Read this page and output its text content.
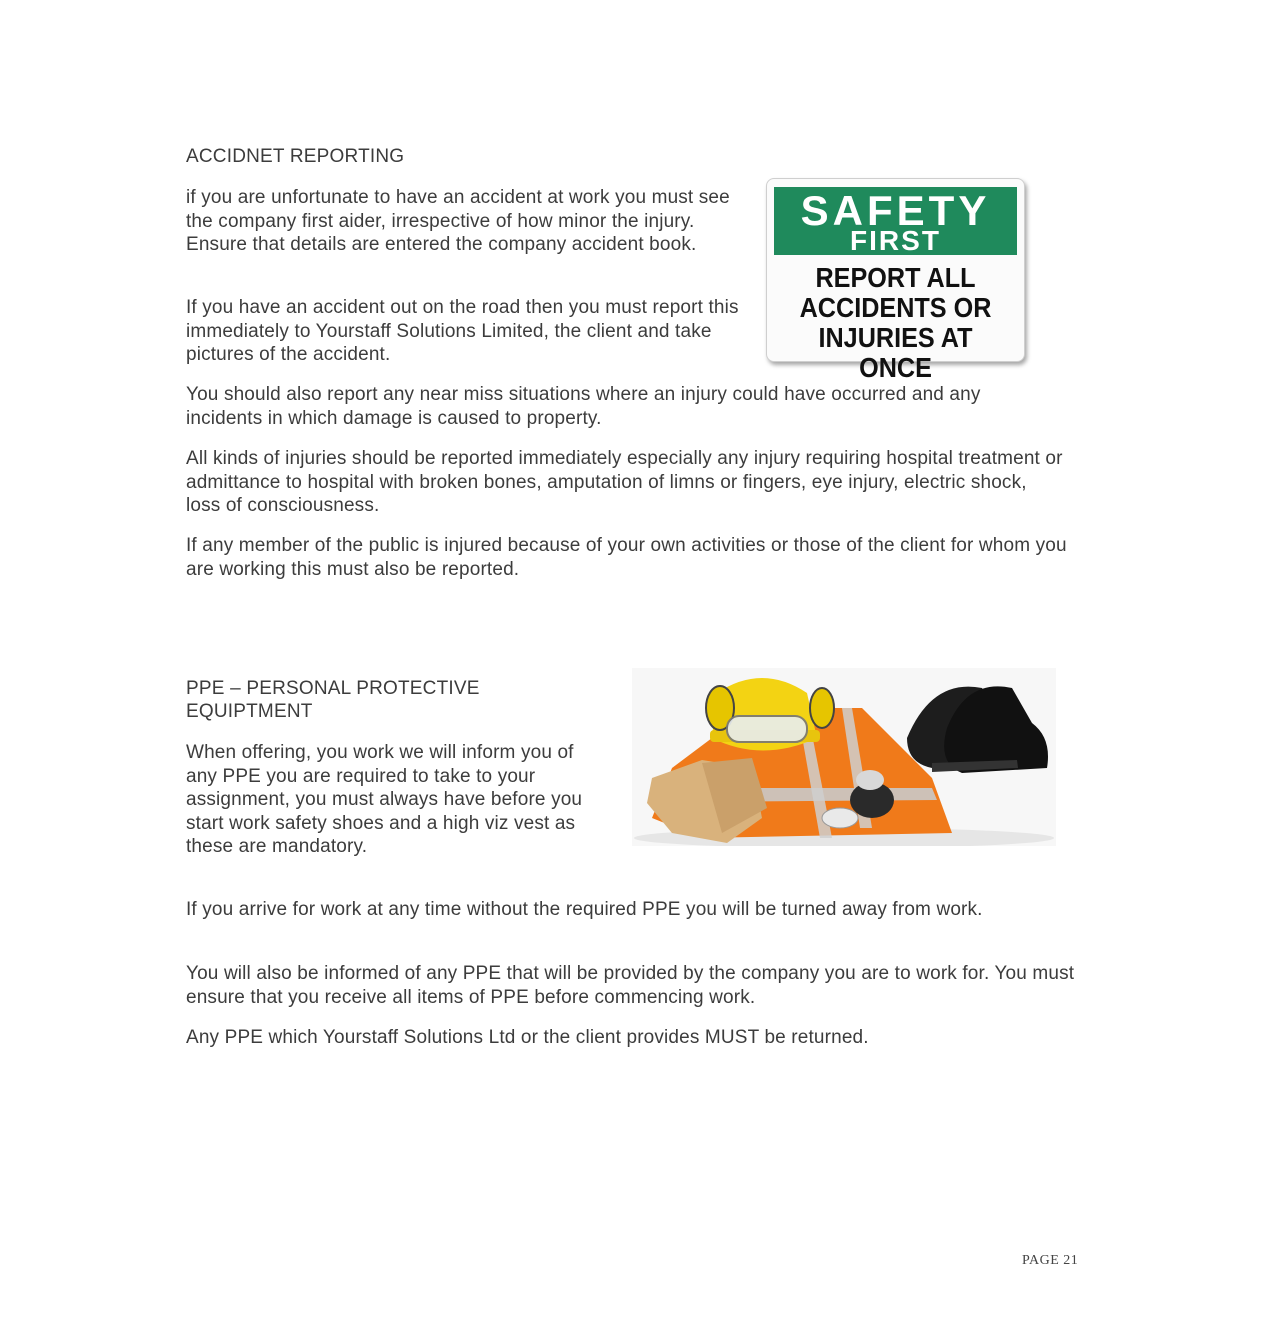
ACCIDNET REPORTING

if you are unfortunate to have an accident at work you must see the company first aider, irrespective of how minor the injury. Ensure that details are entered the company accident book.

If you have an accident out on the road then you must report this immediately to Yourstaff Solutions Limited, the client and take pictures of the accident.

You should also report any near miss situations where an injury could have occurred and any incidents in which damage is caused to property.

All kinds of injuries should be reported immediately especially any injury requiring hospital treatment or admittance to hospital with broken bones, amputation of limns or fingers, eye injury, electric shock, loss of consciousness.

If any member of the public is injured because of your own activities or those of the client for whom you are working this must also be reported.

SAFETY
FIRST
REPORT ALL
ACCIDENTS OR
INJURIES AT ONCE
PPE – PERSONAL PROTECTIVE
EQUIPTMENT

When offering, you work we will inform you of any PPE you are required to take to your assignment, you must always have before you start work safety shoes and a high viz vest as these are mandatory.

If you arrive for work at any time without the required PPE you will be turned away from work.

You will also be informed of any PPE that will be provided by the company you are to work for. You must ensure that you receive all items of PPE before commencing work.

Any PPE which Yourstaff Solutions Ltd or the client provides MUST be returned.

PAGE 21
